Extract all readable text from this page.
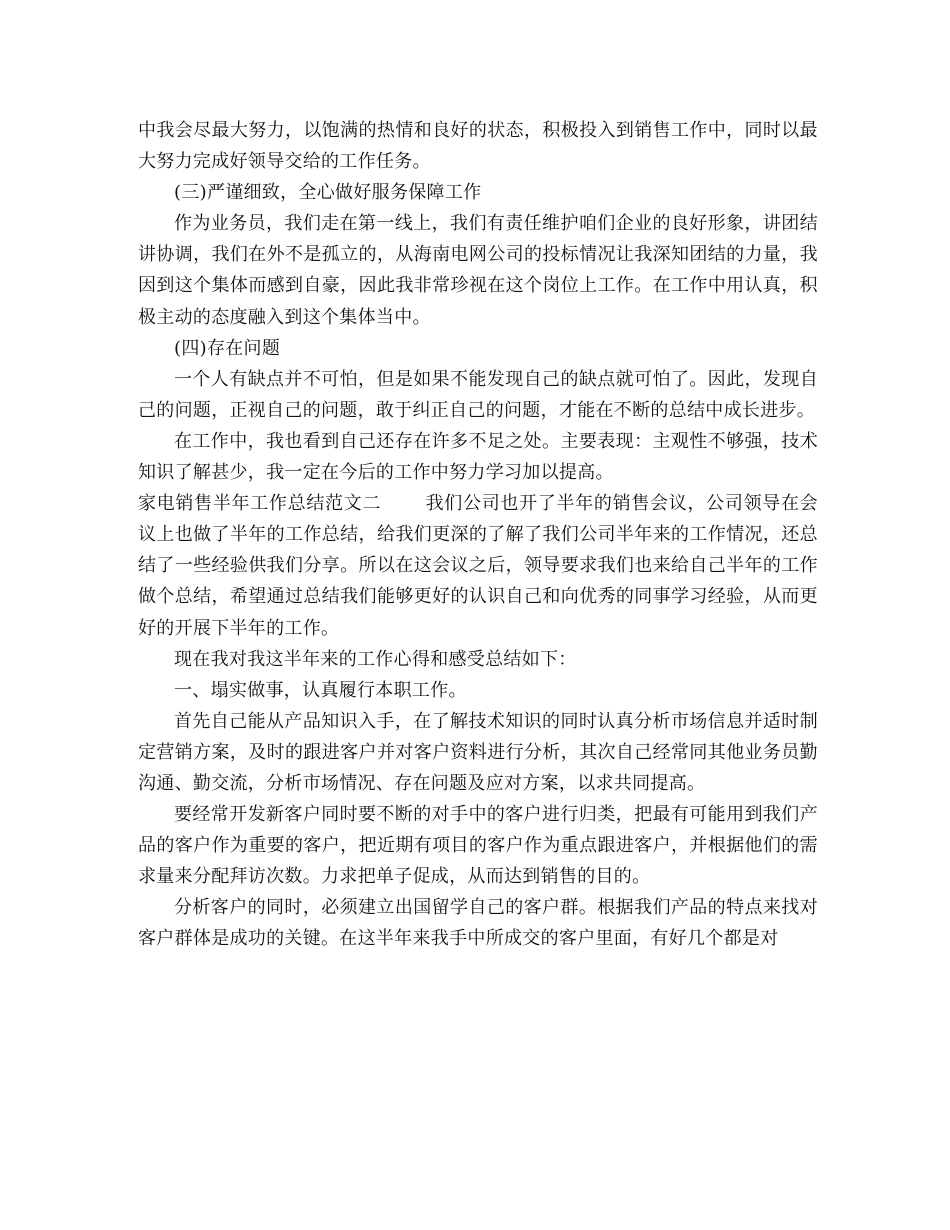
中我会尽最大努力，以饱满的热情和良好的状态，积极投入到销售工作中，同时以最大努力完成好领导交给的工作任务。

(三)严谨细致，全心做好服务保障工作

作为业务员，我们走在第一线上，我们有责任维护咱们企业的良好形象，讲团结讲协调，我们在外不是孤立的，从海南电网公司的投标情况让我深知团结的力量，我因到这个集体而感到自豪，因此我非常珍视在这个岗位上工作。在工作中用认真，积极主动的态度融入到这个集体当中。

(四)存在问题

一个人有缺点并不可怕，但是如果不能发现自己的缺点就可怕了。因此，发现自己的问题，正视自己的问题，敢于纠正自己的问题，才能在不断的总结中成长进步。

在工作中，我也看到自己还存在许多不足之处。主要表现：主观性不够强，技术知识了解甚少，我一定在今后的工作中努力学习加以提高。

家电销售半年工作总结范文二 我们公司也开了半年的销售会议，公司领导在会议上也做了半年的工作总结，给我们更深的了解了我们公司半年来的工作情况，还总结了一些经验供我们分享。所以在这会议之后，领导要求我们也来给自己半年的工作做个总结，希望通过总结我们能够更好的认识自己和向优秀的同事学习经验，从而更好的开展下半年的工作。

现在我对我这半年来的工作心得和感受总结如下：

一、塌实做事，认真履行本职工作。

首先自己能从产品知识入手，在了解技术知识的同时认真分析市场信息并适时制定营销方案，及时的跟进客户并对客户资料进行分析，其次自己经常同其他业务员勤沟通、勤交流，分析市场情况、存在问题及应对方案，以求共同提高。

要经常开发新客户同时要不断的对手中的客户进行归类，把最有可能用到我们产品的客户作为重要的客户，把近期有项目的客户作为重点跟进客户，并根据他们的需求量来分配拜访次数。力求把单子促成，从而达到销售的目的。

分析客户的同时，必须建立出国留学自己的客户群。根据我们产品的特点来找对客户群体是成功的关键。在这半年来我手中所成交的客户里面，有好几个都是对
